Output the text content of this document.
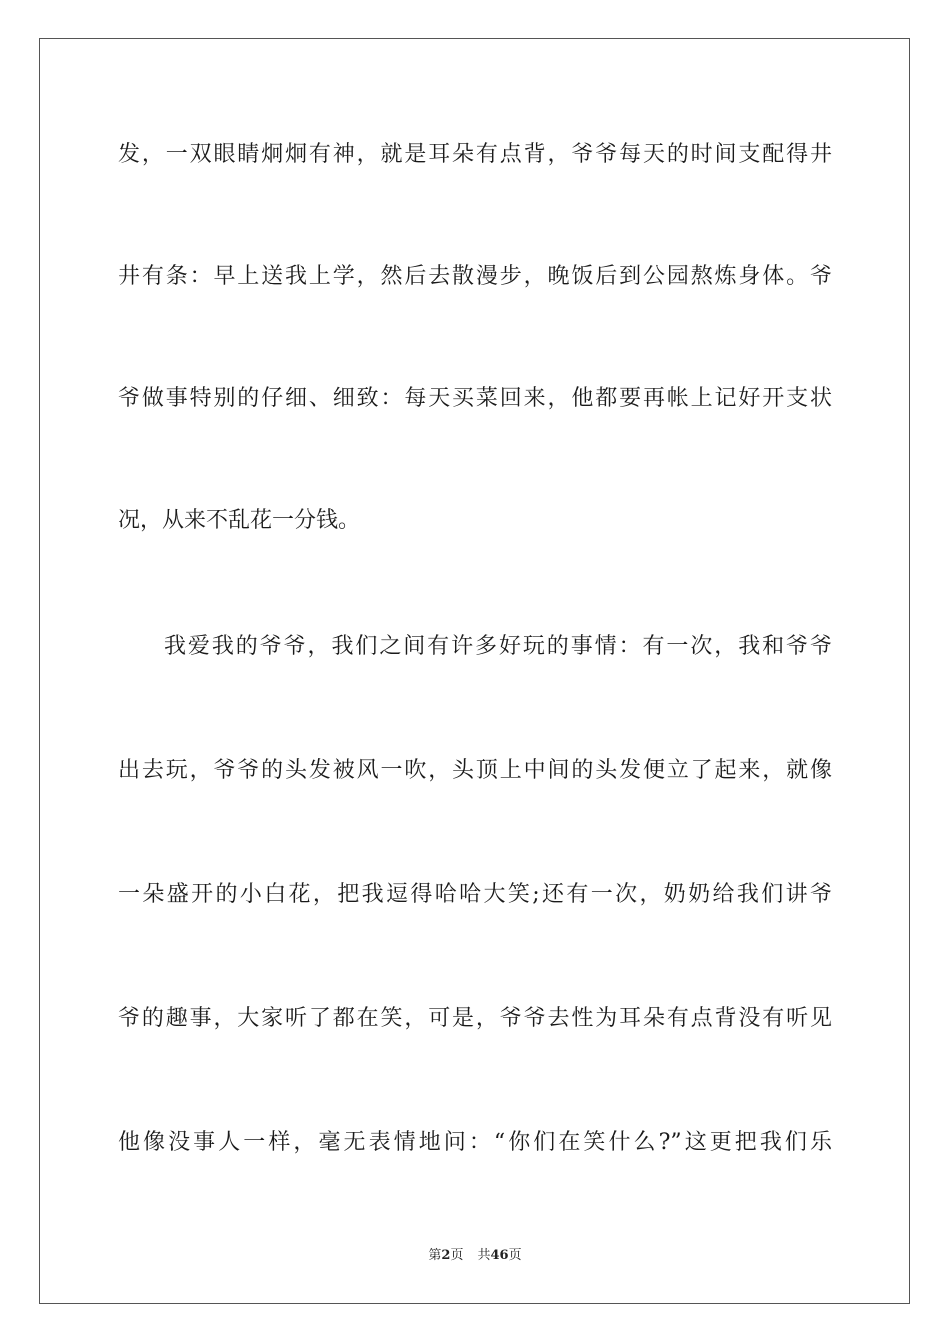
发，一双眼睛炯炯有神，就是耳朵有点背，爷爷每天的时间支配得井
井有条：早上送我上学，然后去散漫步，晚饭后到公园熬炼身体。爷
爷做事特别的仔细、细致：每天买菜回来，他都要再帐上记好开支状
况，从来不乱花一分钱。
我爱我的爷爷，我们之间有许多好玩的事情：有一次，我和爷爷
出去玩，爷爷的头发被风一吹，头顶上中间的头发便立了起来，就像
一朵盛开的小白花，把我逗得哈哈大笑;还有一次，奶奶给我们讲爷
爷的趣事，大家听了都在笑，可是，爷爷去性为耳朵有点背没有听见
他像没事人一样，毫无表情地问：“你们在笑什么?”这更把我们乐
第2页 共46页
